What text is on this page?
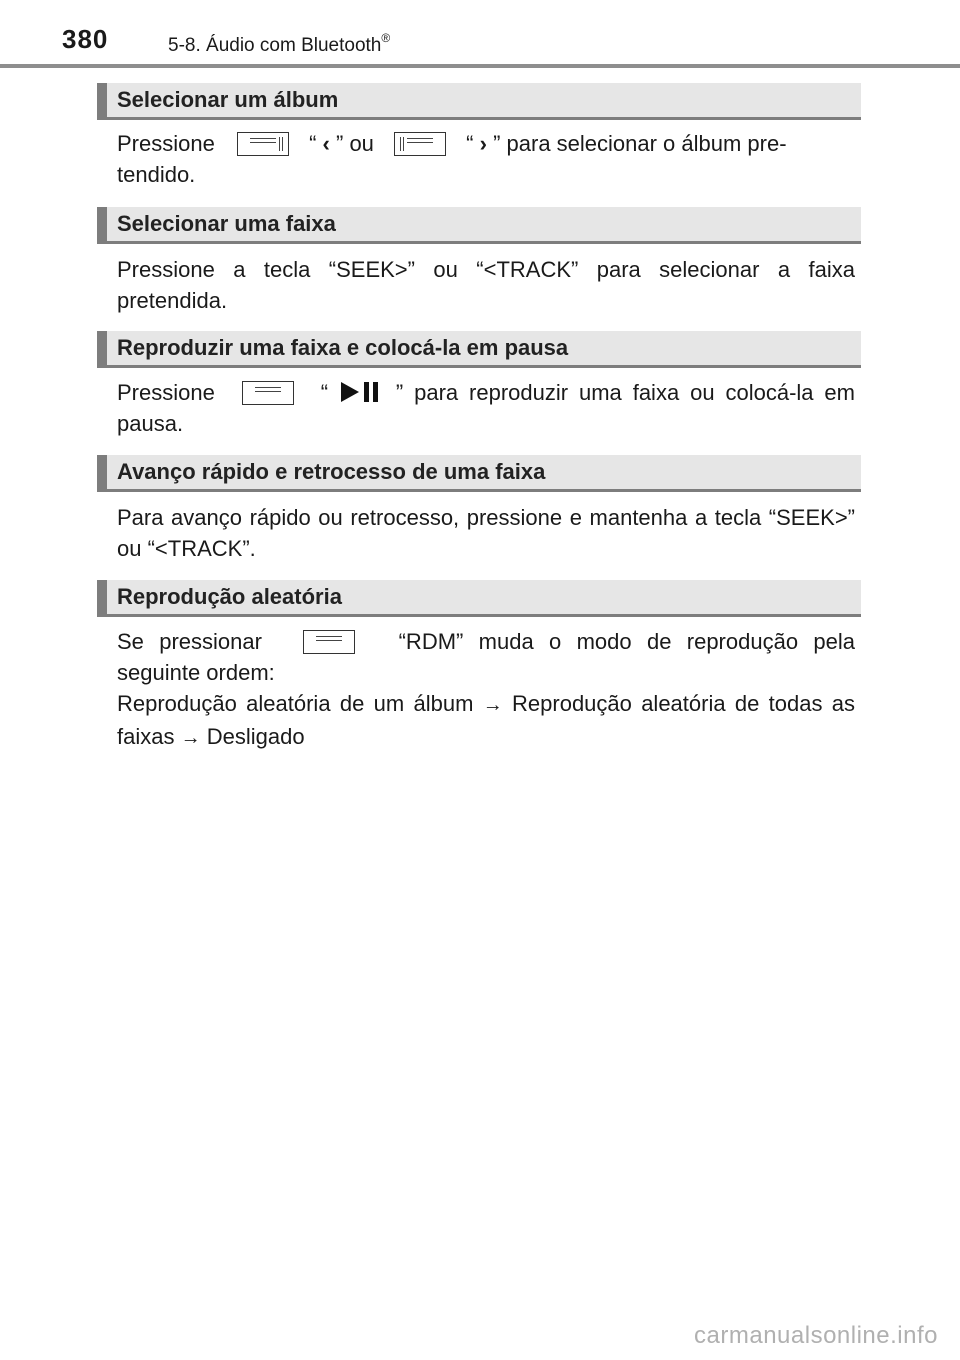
380	5-8. Áudio com Bluetooth®
Selecionar um álbum
Pressione	“ ‹ ” ou	“ › ” para selecionar o álbum pre-
tendido.
Selecionar uma faixa
Pressione a tecla “SEEK>” ou “<TRACK” para selecionar a faixa pretendida.
Reproduzir uma faixa e colocá-la em pausa
Pressione	“	” para reproduzir uma faixa ou colocá-la em pausa.
Avanço rápido e retrocesso de uma faixa
Para avanço rápido ou retrocesso, pressione e mantenha a tecla “SEEK>” ou “<TRACK”.
Reprodução aleatória
Se pressionar	“RDM” muda o modo de reprodução pela seguinte ordem:
Reprodução aleatória de um álbum → Reprodução aleatória de todas as faixas → Desligado
carmanualsonline.info
